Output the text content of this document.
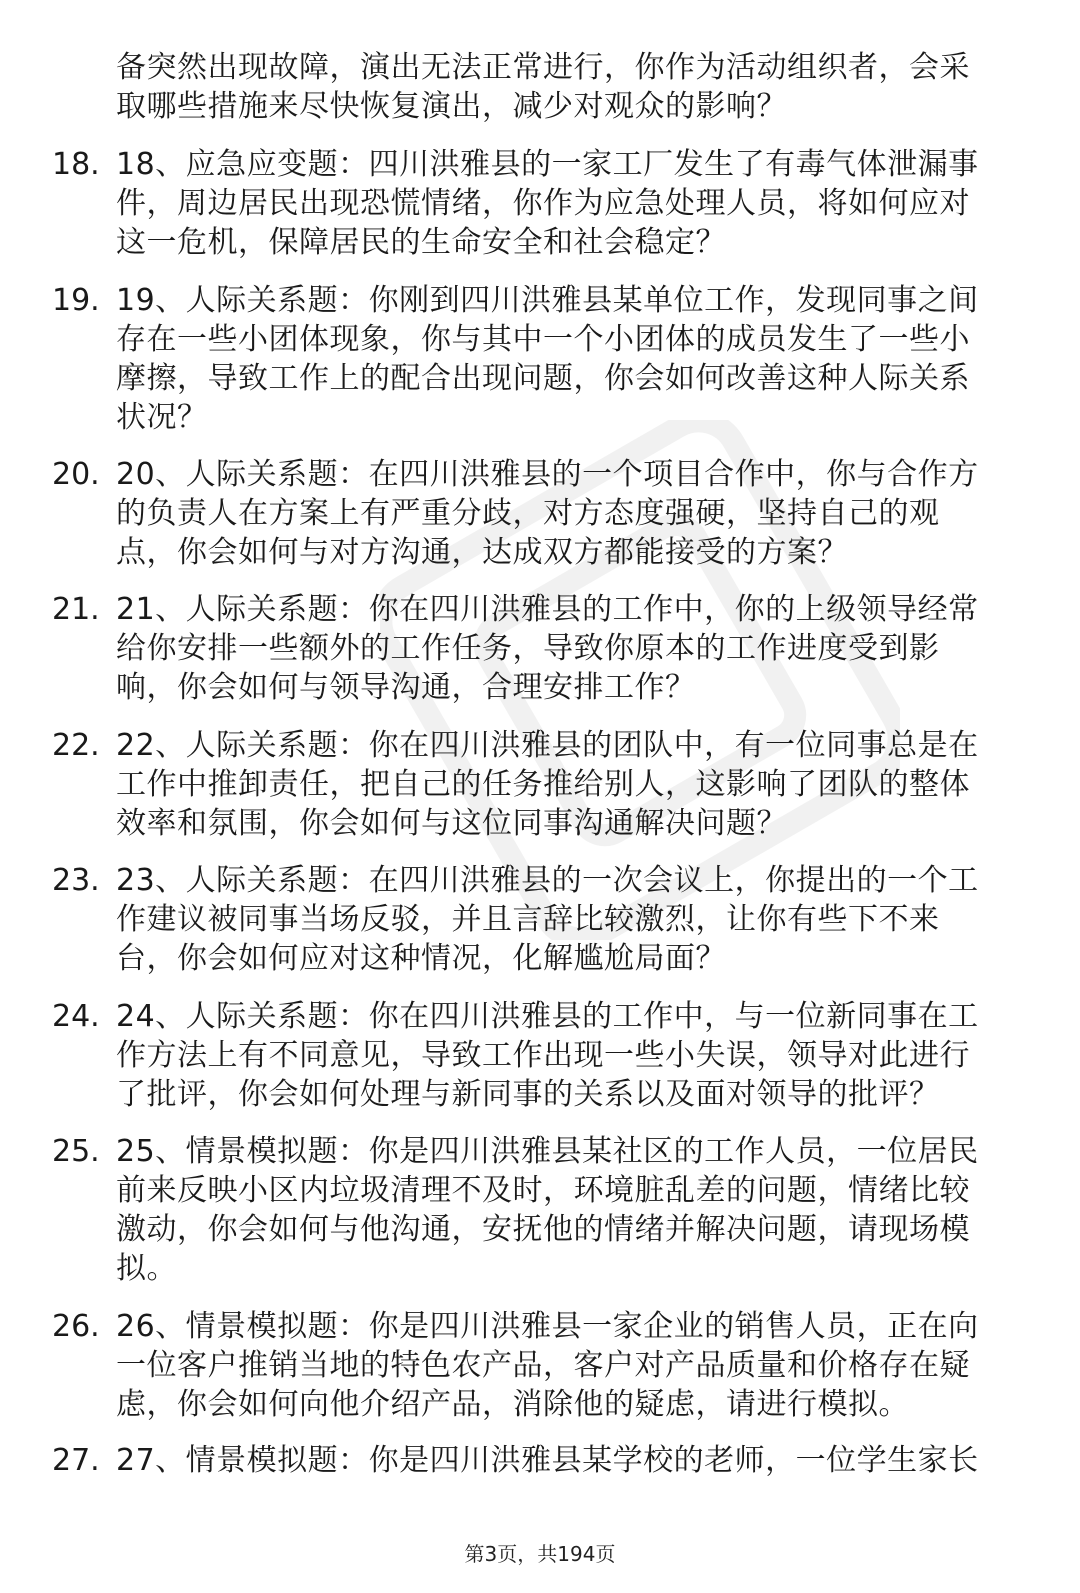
备突然出现故障，演出无法正常进行，你作为活动组织者，会采
取哪些措施来尽快恢复演出，减少对观众的影响？
18. 18、应急应变题：四川洪雅县的一家工厂发生了有毒气体泄漏事
件，周边居民出现恐慌情绪，你作为应急处理人员，将如何应对
这一危机，保障居民的生命安全和社会稳定？
19. 19、人际关系题：你刚到四川洪雅县某单位工作，发现同事之间
存在一些小团体现象，你与其中一个小团体的成员发生了一些小
摩擦，导致工作上的配合出现问题，你会如何改善这种人际关系
状况？
20. 20、人际关系题：在四川洪雅县的一个项目合作中，你与合作方
的负责人在方案上有严重分歧，对方态度强硬，坚持自己的观
点，你会如何与对方沟通，达成双方都能接受的方案？
21. 21、人际关系题：你在四川洪雅县的工作中，你的上级领导经常
给你安排一些额外的工作任务，导致你原本的工作进度受到影
响，你会如何与领导沟通，合理安排工作？
22. 22、人际关系题：你在四川洪雅县的团队中，有一位同事总是在
工作中推卸责任，把自己的任务推给别人，这影响了团队的整体
效率和氛围，你会如何与这位同事沟通解决问题？
23. 23、人际关系题：在四川洪雅县的一次会议上，你提出的一个工
作建议被同事当场反驳，并且言辞比较激烈，让你有些下不来
台，你会如何应对这种情况，化解尴尬局面？
24. 24、人际关系题：你在四川洪雅县的工作中，与一位新同事在工
作方法上有不同意见，导致工作出现一些小失误，领导对此进行
了批评，你会如何处理与新同事的关系以及面对领导的批评？
25. 25、情景模拟题：你是四川洪雅县某社区的工作人员，一位居民
前来反映小区内垃圾清理不及时，环境脏乱差的问题，情绪比较
激动，你会如何与他沟通，安抚他的情绪并解决问题，请现场模
拟。
26. 26、情景模拟题：你是四川洪雅县一家企业的销售人员，正在向
一位客户推销当地的特色农产品，客户对产品质量和价格存在疑
虑，你会如何向他介绍产品，消除他的疑虑，请进行模拟。
27. 27、情景模拟题：你是四川洪雅县某学校的老师，一位学生家长
第3页，共194页
